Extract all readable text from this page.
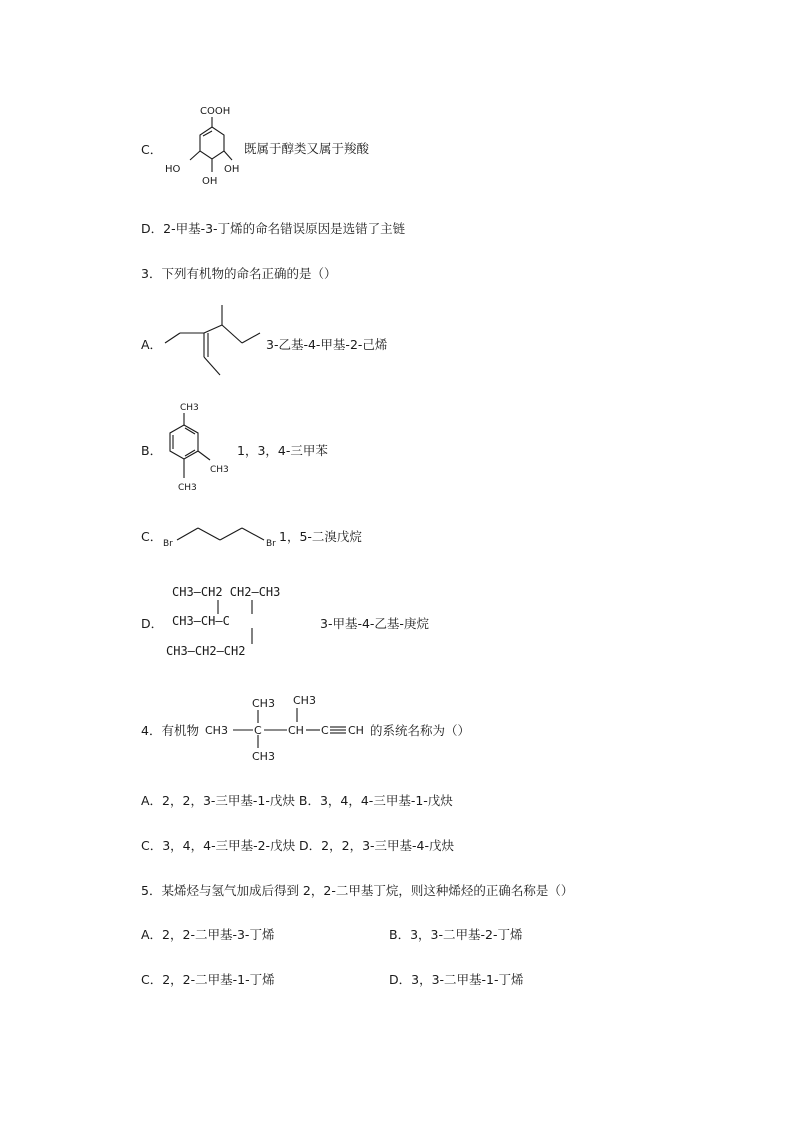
C．
COOH
HO
OH
OH
既属于醇类又属于羧酸
D．2-甲基-3-丁烯的命名错误原因是选错了主链
3．下列有机物的命名正确的是（）
A．	3-乙基-4-甲基-2-己烯
B．
CH3
CH3
CH3
1，3，4-三甲苯
C． Br	Br 1，5-二溴戊烷
D．
CH3—CH2 CH2—CH3
CH3—CH—C
CH3—CH2—CH2
3-甲基-4-乙基-庚烷
4．有机物 CH3 C
CH3
CH3
CH
CH3
C CH 的系统名称为（）
A．2，2，3-三甲基-1-戊炔 B．3，4，4-三甲基-1-戊炔
C．3，4，4-三甲基-2-戊炔 D．2，2，3-三甲基-4-戊炔
5．某烯烃与氢气加成后得到 2，2-二甲基丁烷，则这种烯烃的正确名称是（）
A．2，2-二甲基-3-丁烯	B．3，3-二甲基-2-丁烯
C．2，2-二甲基-1-丁烯	D．3，3-二甲基-1-丁烯
